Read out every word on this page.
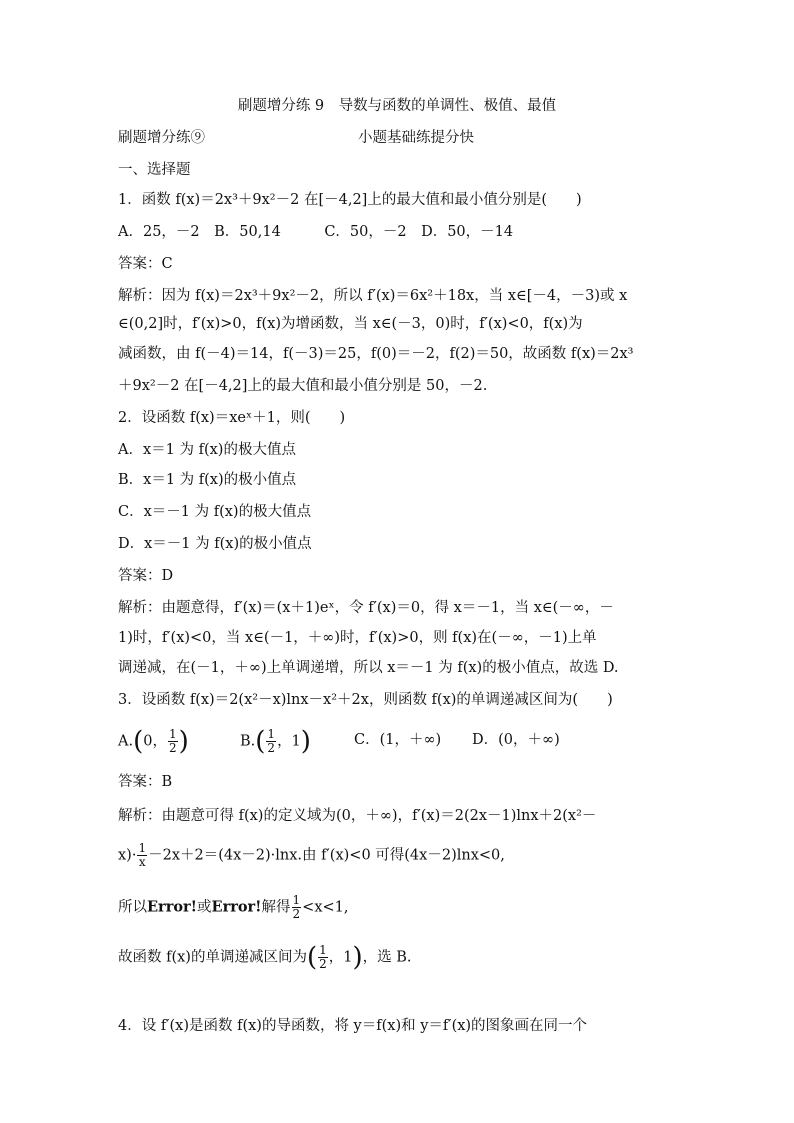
刷题增分练 9　导数与函数的单调性、极值、最值
刷题增分练⑨	小题基础练提分快
一、选择题
1．函数 f(x)＝2x³＋9x²－2 在[－4,2]上的最大值和最小值分别是(　　)
A．25，－2　B．50,14　　　C．50，－2　D．50，－14
答案：C
解析：因为 f(x)＝2x³＋9x²－2，所以 f′(x)＝6x²＋18x，当 x∈[－4，－3)或 x
∈(0,2]时，f′(x)>0，f(x)为增函数，当 x∈(－3，0)时，f′(x)<0，f(x)为
减函数，由 f(－4)＝14，f(－3)＝25，f(0)＝－2，f(2)＝50，故函数 f(x)＝2x³
＋9x²－2 在[－4,2]上的最大值和最小值分别是 50，－2.
2．设函数 f(x)＝xeˣ＋1，则(　　)
A．x＝1 为 f(x)的极大值点
B．x＝1 为 f(x)的极小值点
C．x＝－1 为 f(x)的极大值点
D．x＝－1 为 f(x)的极小值点
答案：D
解析：由题意得，f′(x)＝(x＋1)eˣ，令 f′(x)＝0，得 x＝－1，当 x∈(－∞，－
1)时，f′(x)<0，当 x∈(－1，＋∞)时，f′(x)>0，则 f(x)在(－∞，－1)上单
调递减，在(－1，＋∞)上单调递增，所以 x＝－1 为 f(x)的极小值点，故选 D.
3．设函数 f(x)＝2(x²－x)lnx－x²＋2x，则函数 f(x)的单调递减区间为(　　)
A.(0， $\frac{1}{2}$ )	$B.( \frac{1}{2}$ ，1)	C．(1，＋∞) D．(0，＋∞)
答案：B
解析：由题意可得 f(x)的定义域为(0，＋∞)，f′(x)＝2(2x－1)lnx＋2(x²－
$x)\cdot \frac{1}{x} -2x+2=(4x-2)\cdot\ln x$.由 f′(x)<0 可得(4x－2)lnx<0,
所以Error!或Error!解得 $\frac{1}{2} <x<1$,
故函数 f(x)的单调递减区间为( $\frac{1}{2}$ ，1)，选 B.
4．设 f′(x)是函数 f(x)的导函数，将 y＝f(x)和 y＝f′(x)的图象画在同一个
